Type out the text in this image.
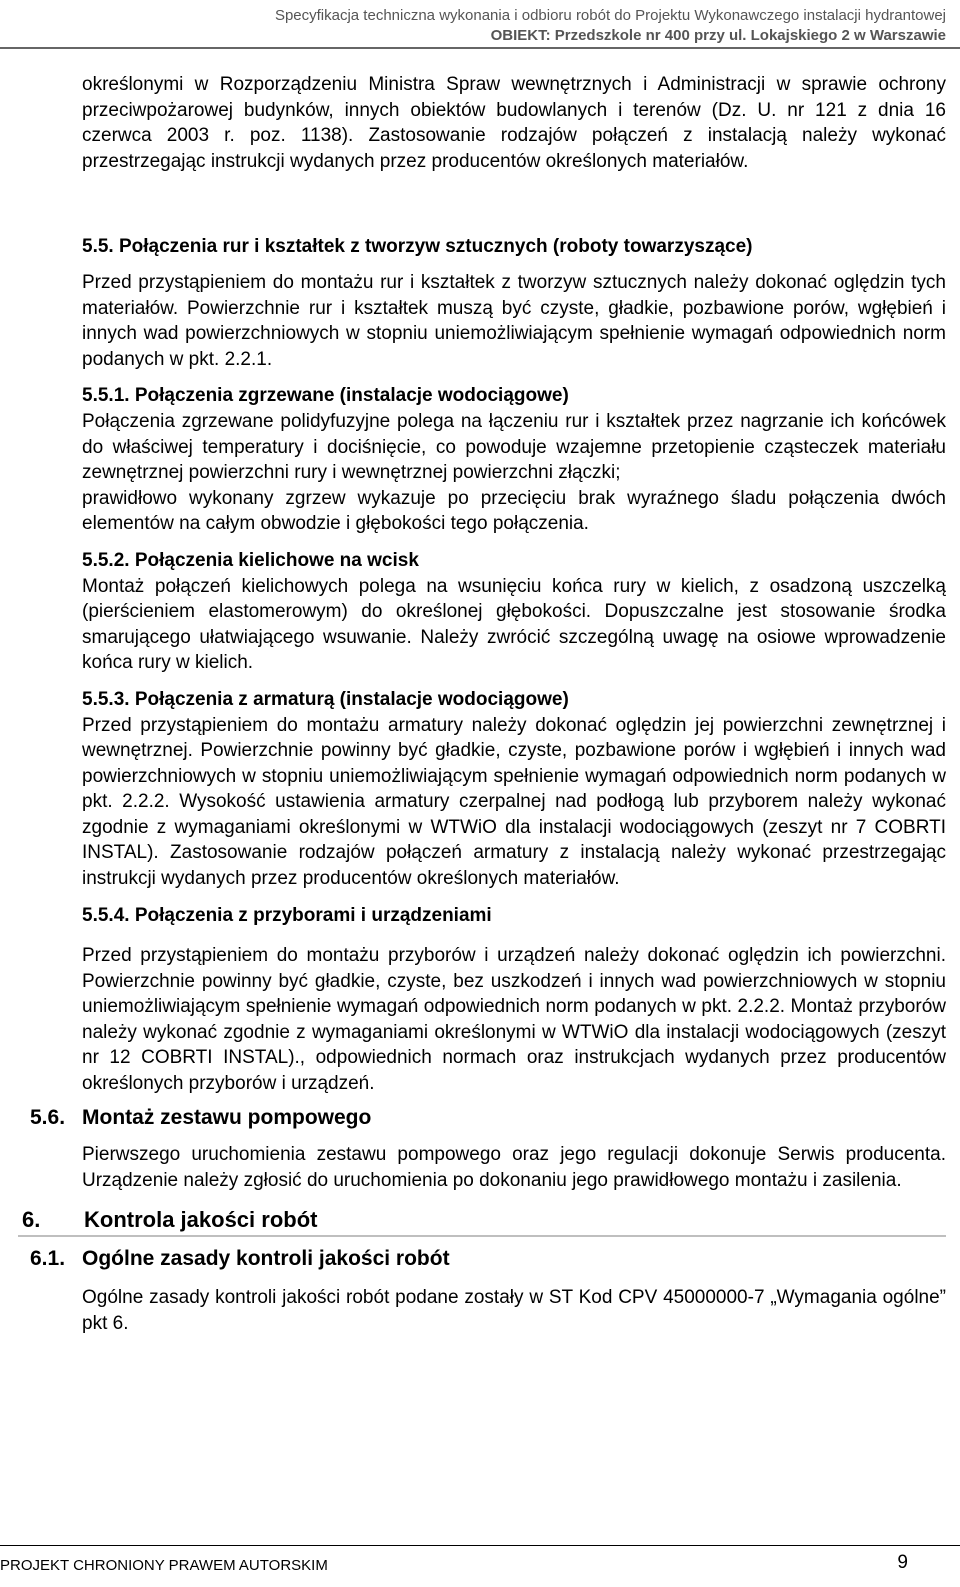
Specyfikacja techniczna wykonania i odbioru robót do Projektu Wykonawczego instalacji hydrantowej
OBIEKT: Przedszkole nr 400 przy ul. Lokajskiego 2 w Warszawie
określonymi w Rozporządzeniu Ministra Spraw wewnętrznych i Administracji w sprawie ochrony przeciwpożarowej budynków, innych obiektów budowlanych i terenów (Dz. U. nr 121 z dnia 16 czerwca 2003 r. poz. 1138). Zastosowanie rodzajów połączeń z instalacją należy wykonać przestrzegając instrukcji wydanych przez producentów określonych materiałów.
5.5. Połączenia rur i kształtek z tworzyw sztucznych (roboty towarzyszące)
Przed przystąpieniem do montażu rur i kształtek z tworzyw sztucznych należy dokonać oględzin tych materiałów. Powierzchnie rur i kształtek muszą być czyste, gładkie, pozbawione porów, wgłębień i innych wad powierzchniowych w stopniu uniemożliwiającym spełnienie wymagań odpowiednich norm podanych w pkt. 2.2.1.
5.5.1. Połączenia zgrzewane (instalacje wodociągowe)
Połączenia zgrzewane polidyfuzyjne polega na łączeniu rur i kształtek przez nagrzanie ich końcówek do właściwej temperatury i dociśnięcie, co powoduje wzajemne przetopienie cząsteczek materiału zewnętrznej powierzchni rury i wewnętrznej powierzchni złączki;
prawidłowo wykonany zgrzew wykazuje po przecięciu brak wyraźnego śladu połączenia dwóch elementów na całym obwodzie i głębokości tego połączenia.
5.5.2. Połączenia kielichowe na wcisk
Montaż połączeń kielichowych polega na wsunięciu końca rury w kielich, z osadzoną uszczelką (pierścieniem elastomerowym) do określonej głębokości. Dopuszczalne jest stosowanie środka smarującego ułatwiającego wsuwanie. Należy zwrócić szczególną uwagę na osiowe wprowadzenie końca rury w kielich.
5.5.3. Połączenia z armaturą (instalacje wodociągowe)
Przed przystąpieniem do montażu armatury należy dokonać oględzin jej powierzchni zewnętrznej i wewnętrznej. Powierzchnie powinny być gładkie, czyste, pozbawione porów i wgłębień i innych wad powierzchniowych w stopniu uniemożliwiającym spełnienie wymagań odpowiednich norm podanych w pkt. 2.2.2. Wysokość ustawienia armatury czerpalnej nad podłogą lub przyborem należy wykonać zgodnie z wymaganiami określonymi w WTWiO dla instalacji wodociągowych (zeszyt nr 7 COBRTI INSTAL). Zastosowanie rodzajów połączeń armatury z instalacją należy wykonać przestrzegając instrukcji wydanych przez producentów określonych materiałów.
5.5.4. Połączenia z przyborami i urządzeniami
Przed przystąpieniem do montażu przyborów i urządzeń należy dokonać oględzin ich powierzchni. Powierzchnie powinny być gładkie, czyste, bez uszkodzeń i innych wad powierzchniowych w stopniu uniemożliwiającym spełnienie wymagań odpowiednich norm podanych w pkt. 2.2.2. Montaż przyborów należy wykonać zgodnie z wymaganiami określonymi w WTWiO dla instalacji wodociągowych (zeszyt nr 12 COBRTI INSTAL)., odpowiednich normach oraz instrukcjach wydanych przez producentów określonych przyborów i urządzeń.
5.6. Montaż zestawu pompowego
Pierwszego uruchomienia zestawu pompowego oraz jego regulacji dokonuje Serwis producenta. Urządzenie należy zgłosić do uruchomienia po dokonaniu jego prawidłowego montażu i zasilenia.
6. Kontrola jakości robót
6.1. Ogólne zasady kontroli jakości robót
Ogólne zasady kontroli jakości robót podane zostały w ST Kod CPV 45000000-7 „Wymagania ogólne” pkt 6.
PROJEKT CHRONIONY PRAWEM AUTORSKIM	9
